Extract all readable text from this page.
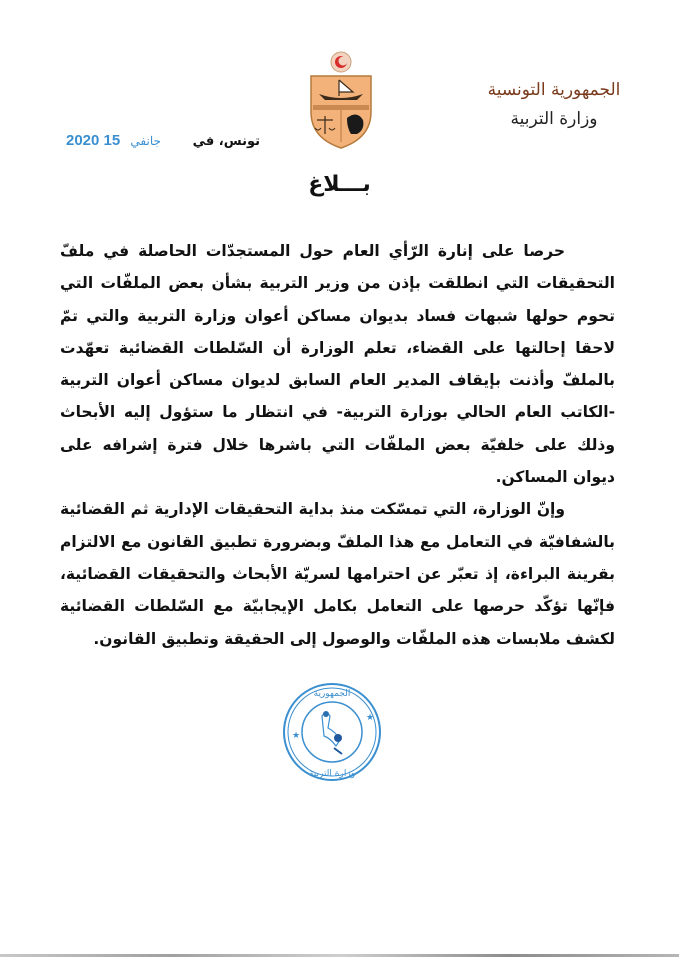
الجمهورية التونسية
وزارة التربية
2020	جانفي 15	تونس، في
بـــلاغ

حرصا على إنارة الرّأي العام حول المستجدّات الحاصلة في ملفّ التحقيقات التي انطلقت بإذن من وزير التربية بشأن بعض الملفّات التي تحوم حولها شبهات فساد بديوان مساكن أعوان وزارة التربية والتي تمّ لاحقا إحالتها على القضاء، تعلم الوزارة أن السّلطات القضائية تعهّدت بالملفّ وأذنت بإيقاف المدير العام السابق لديوان مساكن أعوان التربية -الكاتب العام الحالي بوزارة التربية- في انتظار ما ستؤول إليه الأبحاث وذلك على خلفيّة بعض الملفّات التي باشرها خلال فترة إشرافه على ديوان المساكن.

وإنّ الوزارة، التي تمسّكت منذ بداية التحقيقات الإدارية ثم القضائية بالشفافيّة في التعامل مع هذا الملفّ وبضرورة تطبيق القانون مع الالتزام بقرينة البراءة، إذ تعبّر عن احترامها لسريّة الأبحاث والتحقيقات القضائية، فإنّها تؤكّد حرصها على التعامل بكامل الإيجابيّة مع السّلطات القضائية لكشف ملابسات هذه الملفّات والوصول إلى الحقيقة وتطبيق القانون.

الجمهورية
وزارة التربية
★
★
